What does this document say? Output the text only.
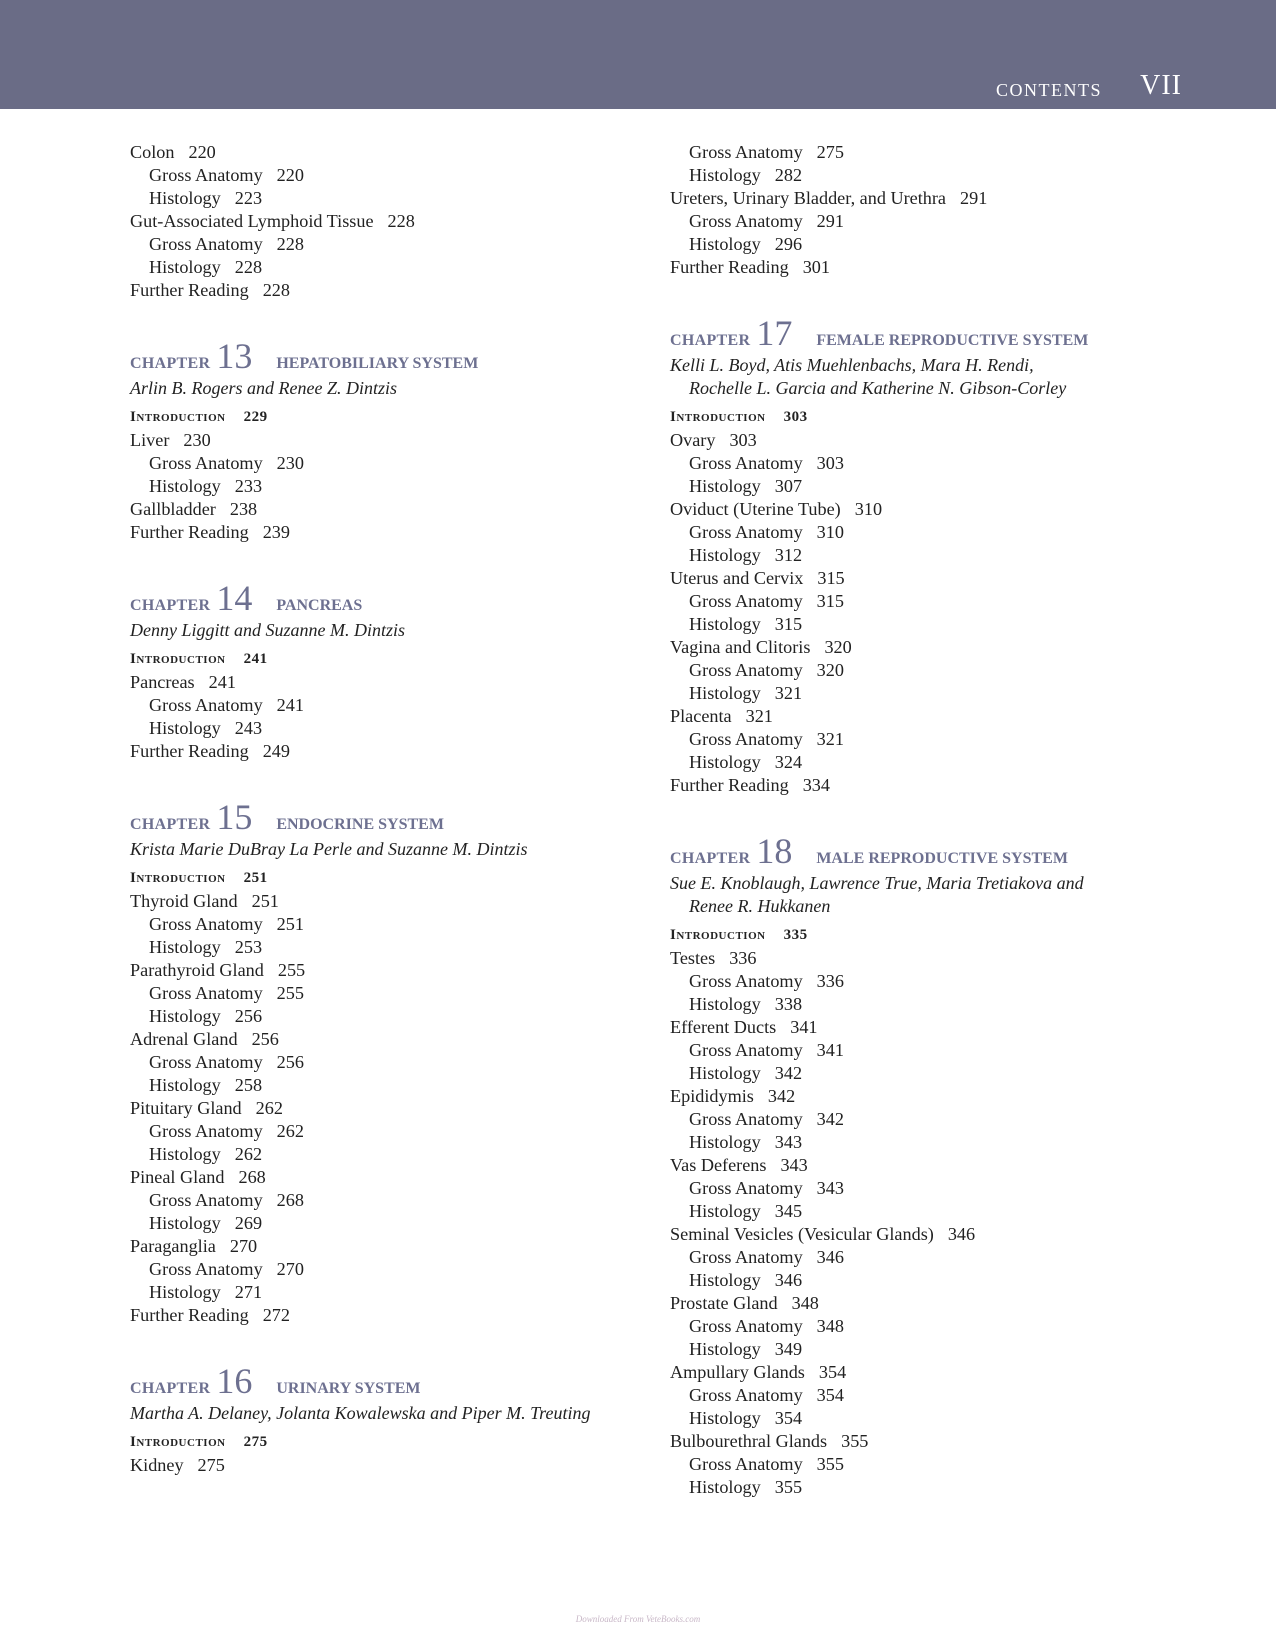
contents VII
Colon 220
Gross Anatomy 220
Histology 223
Gut-Associated Lymphoid Tissue 228
Gross Anatomy 228
Histology 228
Further Reading 228
CHAPTER 13 HEPATOBILIARY SYSTEM
Arlin B. Rogers and Renee Z. Dintzis
Introduction 229
Liver 230
Gross Anatomy 230
Histology 233
Gallbladder 238
Further Reading 239
CHAPTER 14 PANCREAS
Denny Liggitt and Suzanne M. Dintzis
Introduction 241
Pancreas 241
Gross Anatomy 241
Histology 243
Further Reading 249
CHAPTER 15 ENDOCRINE SYSTEM
Krista Marie DuBray La Perle and Suzanne M. Dintzis
Introduction 251
Thyroid Gland 251
Gross Anatomy 251
Histology 253
Parathyroid Gland 255
Gross Anatomy 255
Histology 256
Adrenal Gland 256
Gross Anatomy 256
Histology 258
Pituitary Gland 262
Gross Anatomy 262
Histology 262
Pineal Gland 268
Gross Anatomy 268
Histology 269
Paraganglia 270
Gross Anatomy 270
Histology 271
Further Reading 272
CHAPTER 16 URINARY SYSTEM
Martha A. Delaney, Jolanta Kowalewska and Piper M. Treuting
Introduction 275
Kidney 275
Gross Anatomy 275
Histology 282
Ureters, Urinary Bladder, and Urethra 291
Gross Anatomy 291
Histology 296
Further Reading 301
CHAPTER 17 FEMALE REPRODUCTIVE SYSTEM
Kelli L. Boyd, Atis Muehlenbachs, Mara H. Rendi,
Rochelle L. Garcia and Katherine N. Gibson-Corley
Introduction 303
Ovary 303
Gross Anatomy 303
Histology 307
Oviduct (Uterine Tube) 310
Gross Anatomy 310
Histology 312
Uterus and Cervix 315
Gross Anatomy 315
Histology 315
Vagina and Clitoris 320
Gross Anatomy 320
Histology 321
Placenta 321
Gross Anatomy 321
Histology 324
Further Reading 334
CHAPTER 18 MALE REPRODUCTIVE SYSTEM
Sue E. Knoblaugh, Lawrence True, Maria Tretiakova and
Renee R. Hukkanen
Introduction 335
Testes 336
Gross Anatomy 336
Histology 338
Efferent Ducts 341
Gross Anatomy 341
Histology 342
Epididymis 342
Gross Anatomy 342
Histology 343
Vas Deferens 343
Gross Anatomy 343
Histology 345
Seminal Vesicles (Vesicular Glands) 346
Gross Anatomy 346
Histology 346
Prostate Gland 348
Gross Anatomy 348
Histology 349
Ampullary Glands 354
Gross Anatomy 354
Histology 354
Bulbourethral Glands 355
Gross Anatomy 355
Histology 355
Downloaded From VetеBooks.com
